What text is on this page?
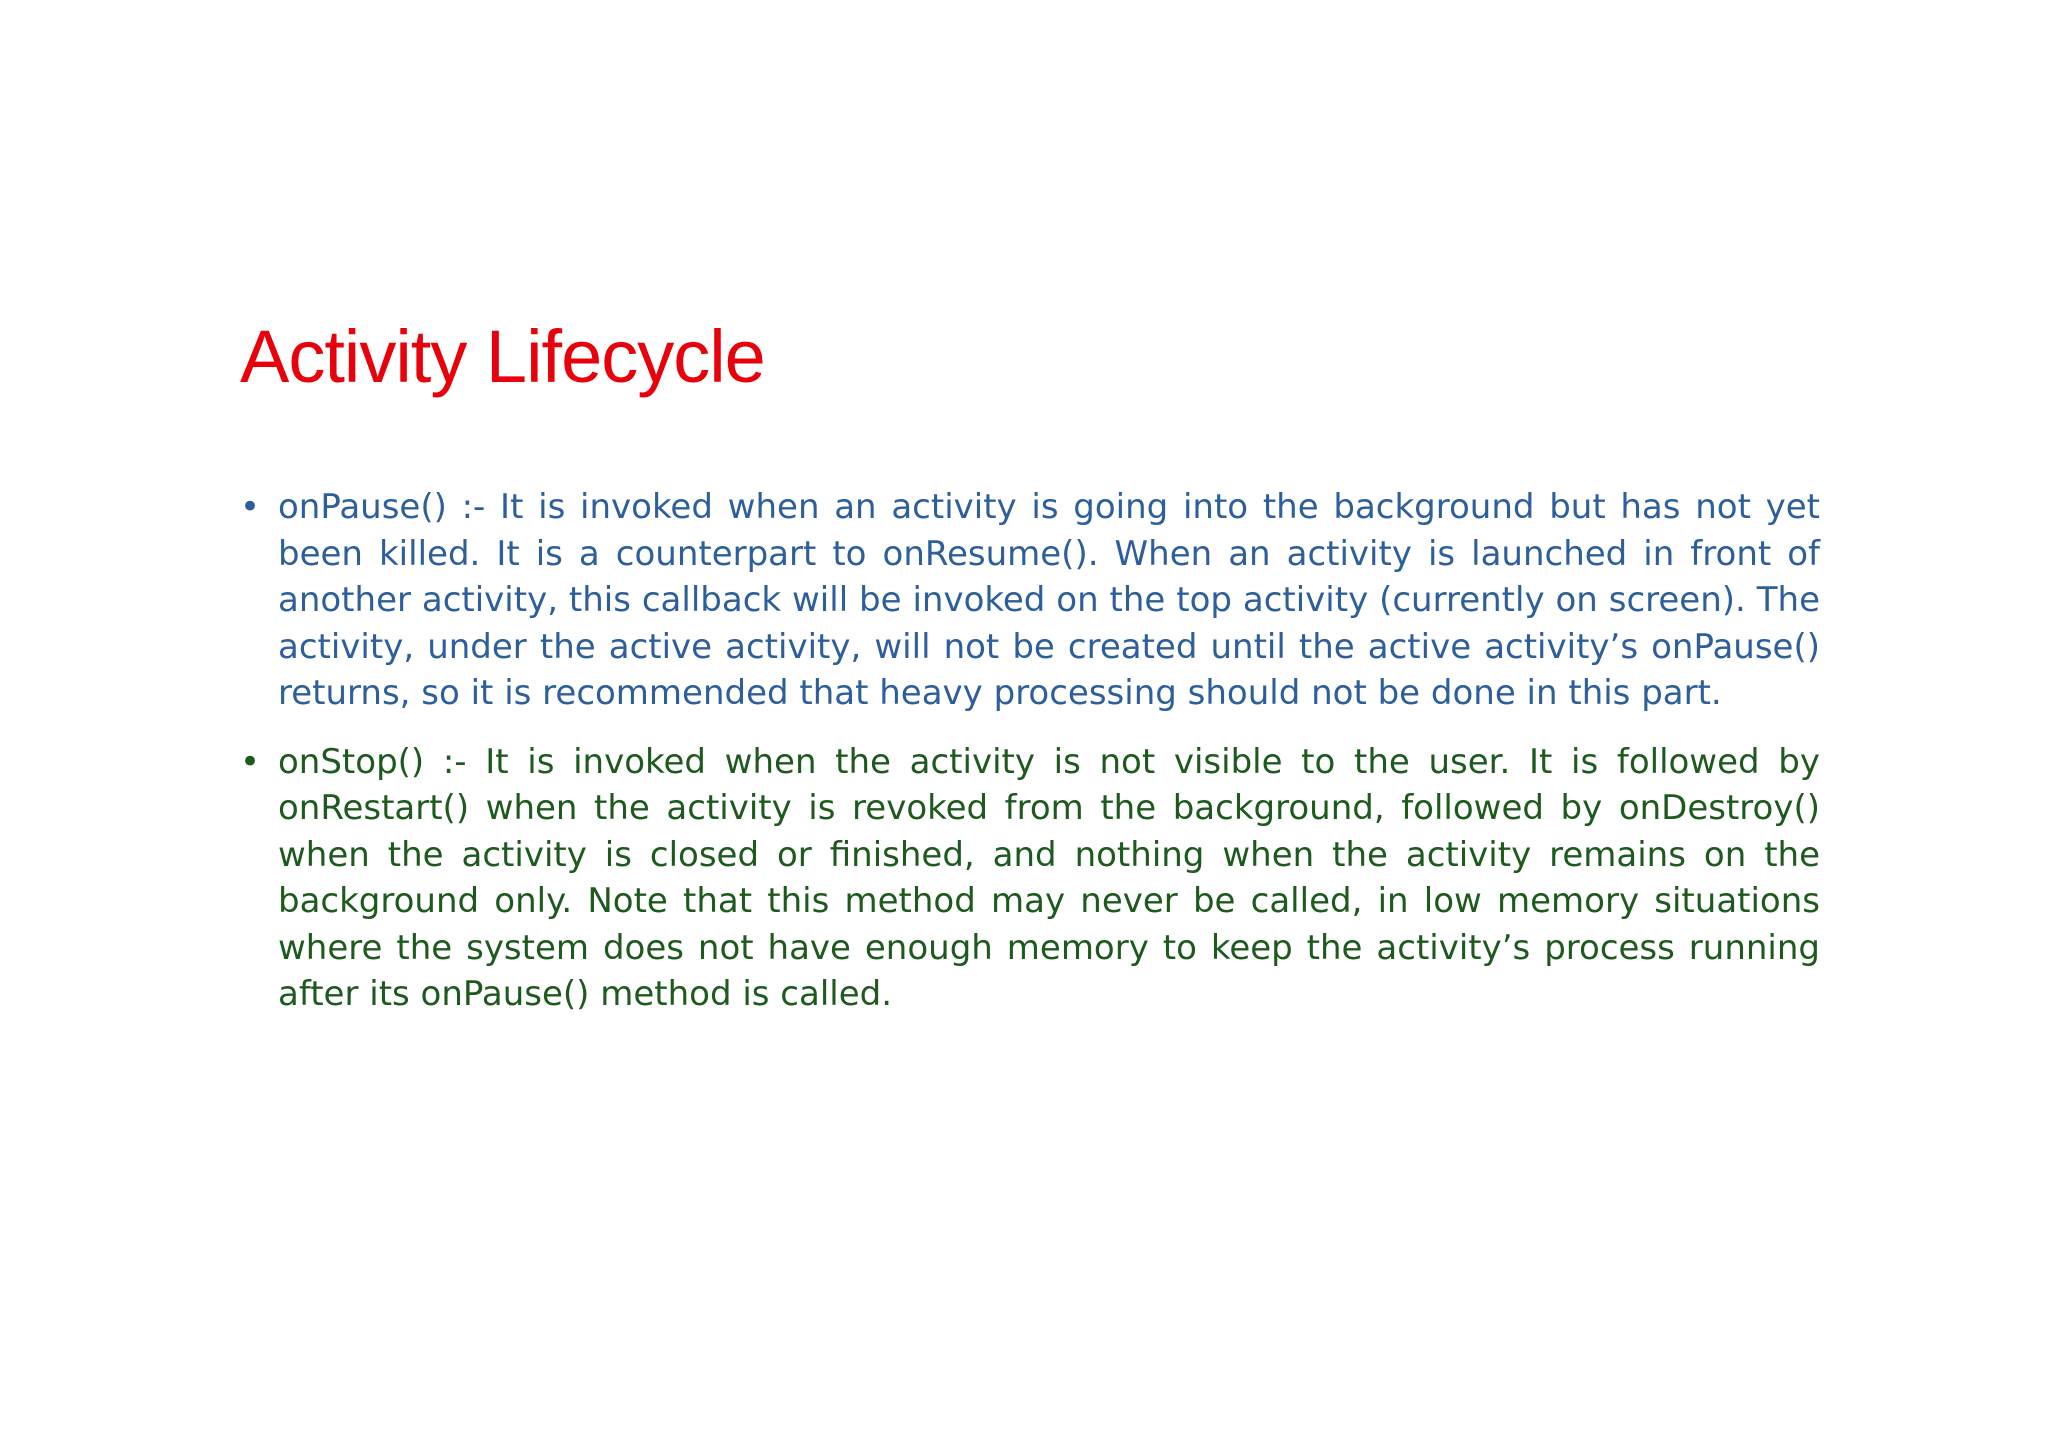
Activity Lifecycle
• onPause() :- It is invoked when an activity is going into the background but has not yet been killed. It is a counterpart to onResume(). When an activity is launched in front of another activity, this callback will be invoked on the top activity (currently on screen). The activity, under the active activity, will not be created until the active activity’s onPause() returns, so it is recommended that heavy processing should not be done in this part.
• onStop() :- It is invoked when the activity is not visible to the user. It is followed by onRestart() when the activity is revoked from the background, followed by onDestroy() when the activity is closed or finished, and nothing when the activity remains on the background only. Note that this method may never be called, in low memory situations where the system does not have enough memory to keep the activity’s process running after its onPause() method is called.
